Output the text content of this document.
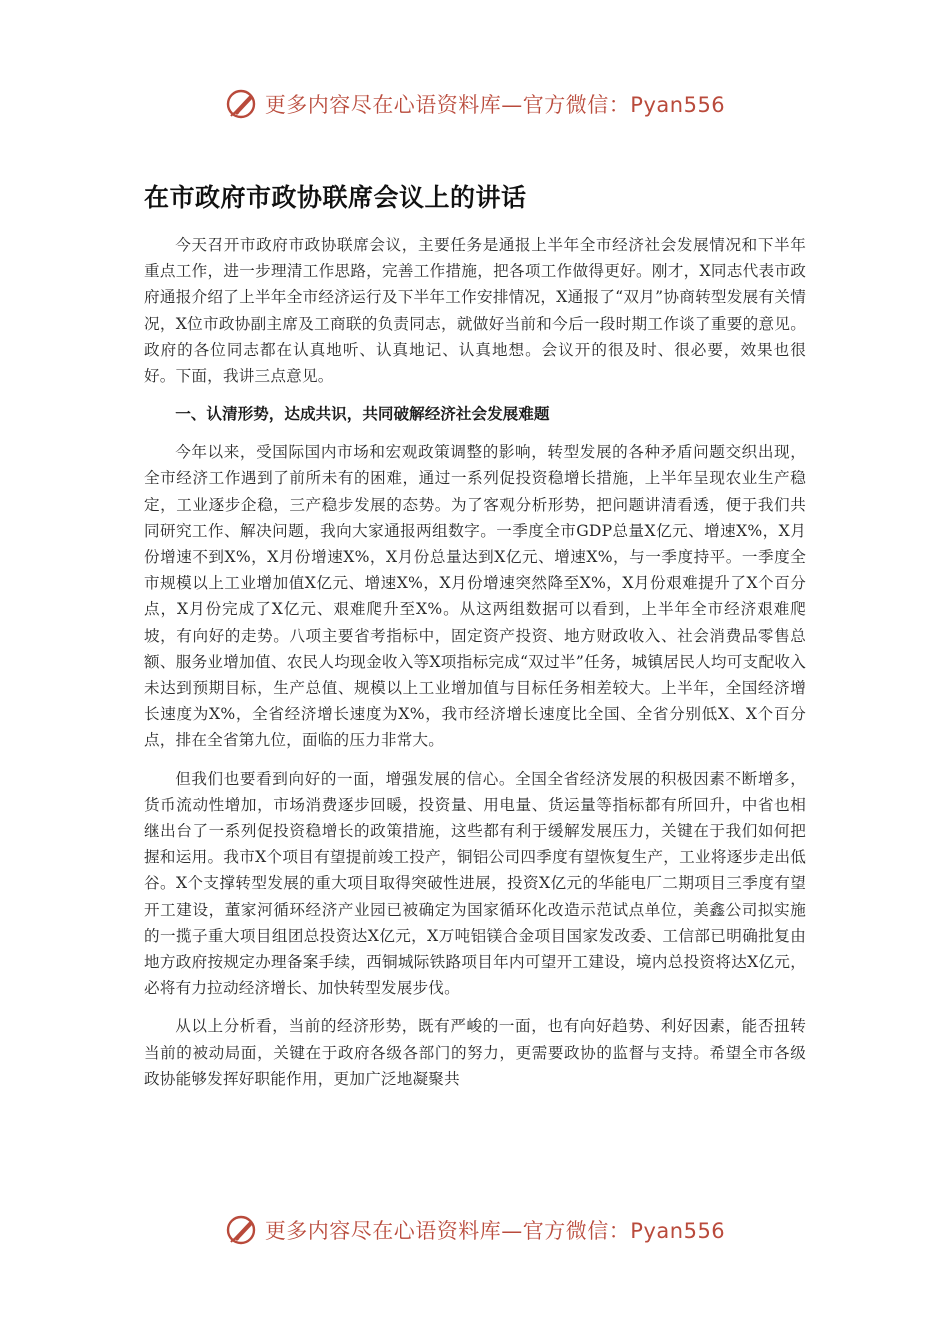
更多内容尽在心语资料库—官方微信：Pyan556
在市政府市政协联席会议上的讲话

今天召开市政府市政协联席会议，主要任务是通报上半年全市经济社会发展情况和下半年重点工作，进一步理清工作思路，完善工作措施，把各项工作做得更好。刚才，X同志代表市政府通报介绍了上半年全市经济运行及下半年工作安排情况，X通报了“双月”协商转型发展有关情况，X位市政协副主席及工商联的负责同志，就做好当前和今后一段时期工作谈了重要的意见。政府的各位同志都在认真地听、认真地记、认真地想。会议开的很及时、很必要，效果也很好。下面，我讲三点意见。

一、认清形势，达成共识，共同破解经济社会发展难题

今年以来，受国际国内市场和宏观政策调整的影响，转型发展的各种矛盾问题交织出现，全市经济工作遇到了前所未有的困难，通过一系列促投资稳增长措施，上半年呈现农业生产稳定，工业逐步企稳，三产稳步发展的态势。为了客观分析形势，把问题讲清看透，便于我们共同研究工作、解决问题，我向大家通报两组数字。一季度全市GDP总量X亿元、增速X%，X月份增速不到X%，X月份增速X%，X月份总量达到X亿元、增速X%，与一季度持平。一季度全市规模以上工业增加值X亿元、增速X%，X月份增速突然降至X%，X月份艰难提升了X个百分点，X月份完成了X亿元、艰难爬升至X%。从这两组数据可以看到，上半年全市经济艰难爬坡，有向好的走势。八项主要省考指标中，固定资产投资、地方财政收入、社会消费品零售总额、服务业增加值、农民人均现金收入等X项指标完成“双过半”任务，城镇居民人均可支配收入未达到预期目标，生产总值、规模以上工业增加值与目标任务相差较大。上半年，全国经济增长速度为X%，全省经济增长速度为X%，我市经济增长速度比全国、全省分别低X、X个百分点，排在全省第九位，面临的压力非常大。

但我们也要看到向好的一面，增强发展的信心。全国全省经济发展的积极因素不断增多，货币流动性增加，市场消费逐步回暖，投资量、用电量、货运量等指标都有所回升，中省也相继出台了一系列促投资稳增长的政策措施，这些都有利于缓解发展压力，关键在于我们如何把握和运用。我市X个项目有望提前竣工投产，铜铝公司四季度有望恢复生产，工业将逐步走出低谷。X个支撑转型发展的重大项目取得突破性进展，投资X亿元的华能电厂二期项目三季度有望开工建设，董家河循环经济产业园已被确定为国家循环化改造示范试点单位，美鑫公司拟实施的一揽子重大项目组团总投资达X亿元，X万吨铝镁合金项目国家发改委、工信部已明确批复由地方政府按规定办理备案手续，西铜城际铁路项目年内可望开工建设，境内总投资将达X亿元，必将有力拉动经济增长、加快转型发展步伐。

从以上分析看，当前的经济形势，既有严峻的一面，也有向好趋势、利好因素，能否扭转当前的被动局面，关键在于政府各级各部门的努力，更需要政协的监督与支持。希望全市各级政协能够发挥好职能作用，更加广泛地凝聚共

更多内容尽在心语资料库—官方微信：Pyan556
